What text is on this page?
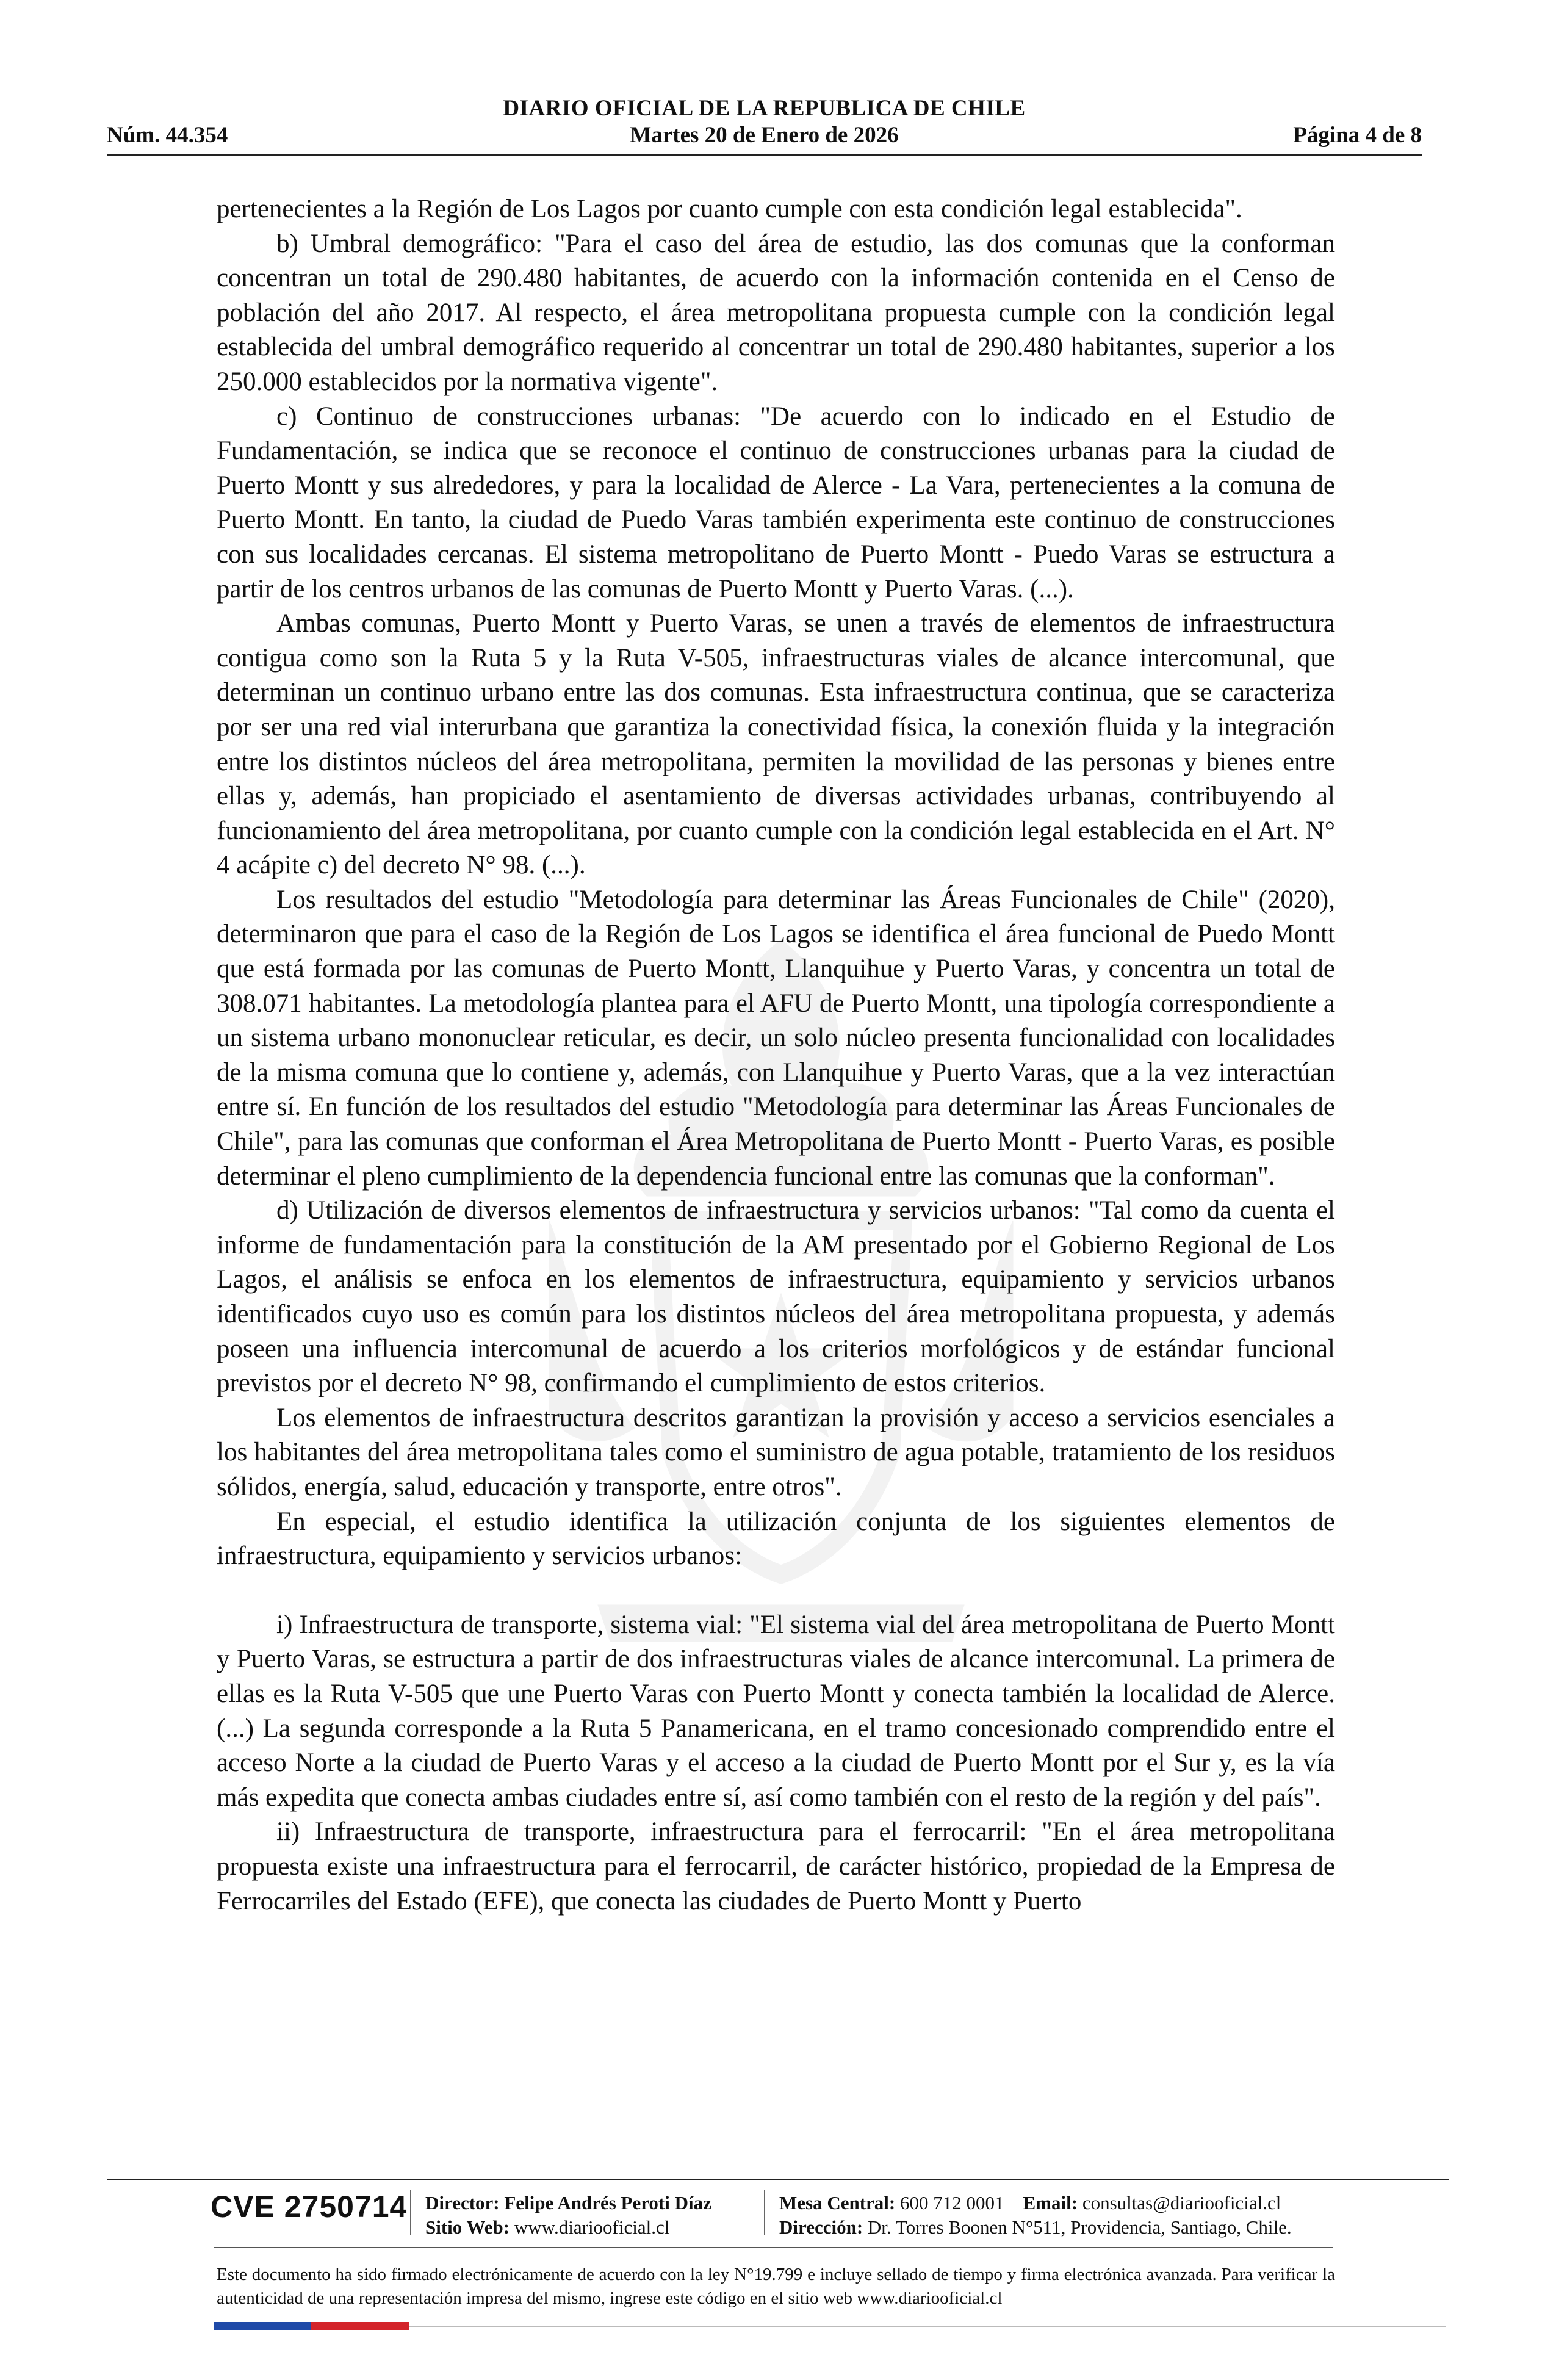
DIARIO OFICIAL DE LA REPUBLICA DE CHILE
Núm. 44.354	Martes 20 de Enero de 2026	Página 4 de 8

pertenecientes a la Región de Los Lagos por cuanto cumple con esta condición legal establecida".

b) Umbral demográfico: "Para el caso del área de estudio, las dos comunas que la conforman concentran un total de 290.480 habitantes, de acuerdo con la información contenida en el Censo de población del año 2017. Al respecto, el área metropolitana propuesta cumple con la condición legal establecida del umbral demográfico requerido al concentrar un total de 290.480 habitantes, superior a los 250.000 establecidos por la normativa vigente".

c) Continuo de construcciones urbanas: "De acuerdo con lo indicado en el Estudio de Fundamentación, se indica que se reconoce el continuo de construcciones urbanas para la ciudad de Puerto Montt y sus alrededores, y para la localidad de Alerce - La Vara, pertenecientes a la comuna de Puerto Montt. En tanto, la ciudad de Puedo Varas también experimenta este continuo de construcciones con sus localidades cercanas. El sistema metropolitano de Puerto Montt - Puedo Varas se estructura a partir de los centros urbanos de las comunas de Puerto Montt y Puerto Varas. (...).

Ambas comunas, Puerto Montt y Puerto Varas, se unen a través de elementos de infraestructura contigua como son la Ruta 5 y la Ruta V-505, infraestructuras viales de alcance intercomunal, que determinan un continuo urbano entre las dos comunas. Esta infraestructura continua, que se caracteriza por ser una red vial interurbana que garantiza la conectividad física, la conexión fluida y la integración entre los distintos núcleos del área metropolitana, permiten la movilidad de las personas y bienes entre ellas y, además, han propiciado el asentamiento de diversas actividades urbanas, contribuyendo al funcionamiento del área metropolitana, por cuanto cumple con la condición legal establecida en el Art. N° 4 acápite c) del decreto N° 98. (...).

Los resultados del estudio "Metodología para determinar las Áreas Funcionales de Chile" (2020), determinaron que para el caso de la Región de Los Lagos se identifica el área funcional de Puedo Montt que está formada por las comunas de Puerto Montt, Llanquihue y Puerto Varas, y concentra un total de 308.071 habitantes. La metodología plantea para el AFU de Puerto Montt, una tipología correspondiente a un sistema urbano mononuclear reticular, es decir, un solo núcleo presenta funcionalidad con localidades de la misma comuna que lo contiene y, además, con Llanquihue y Puerto Varas, que a la vez interactúan entre sí. En función de los resultados del estudio "Metodología para determinar las Áreas Funcionales de Chile", para las comunas que conforman el Área Metropolitana de Puerto Montt - Puerto Varas, es posible determinar el pleno cumplimiento de la dependencia funcional entre las comunas que la conforman".

d) Utilización de diversos elementos de infraestructura y servicios urbanos: "Tal como da cuenta el informe de fundamentación para la constitución de la AM presentado por el Gobierno Regional de Los Lagos, el análisis se enfoca en los elementos de infraestructura, equipamiento y servicios urbanos identificados cuyo uso es común para los distintos núcleos del área metropolitana propuesta, y además poseen una influencia intercomunal de acuerdo a los criterios morfológicos y de estándar funcional previstos por el decreto N° 98, confirmando el cumplimiento de estos criterios.

Los elementos de infraestructura descritos garantizan la provisión y acceso a servicios esenciales a los habitantes del área metropolitana tales como el suministro de agua potable, tratamiento de los residuos sólidos, energía, salud, educación y transporte, entre otros".

En especial, el estudio identifica la utilización conjunta de los siguientes elementos de infraestructura, equipamiento y servicios urbanos:

i) Infraestructura de transporte, sistema vial: "El sistema vial del área metropolitana de Puerto Montt y Puerto Varas, se estructura a partir de dos infraestructuras viales de alcance intercomunal. La primera de ellas es la Ruta V-505 que une Puerto Varas con Puerto Montt y conecta también la localidad de Alerce. (...) La segunda corresponde a la Ruta 5 Panamericana, en el tramo concesionado comprendido entre el acceso Norte a la ciudad de Puerto Varas y el acceso a la ciudad de Puerto Montt por el Sur y, es la vía más expedita que conecta ambas ciudades entre sí, así como también con el resto de la región y del país".

ii) Infraestructura de transporte, infraestructura para el ferrocarril: "En el área metropolitana propuesta existe una infraestructura para el ferrocarril, de carácter histórico, propiedad de la Empresa de Ferrocarriles del Estado (EFE), que conecta las ciudades de Puerto Montt y Puerto

CVE 2750714 Director: Felipe Andrés Peroti Díaz
Sitio Web: www.diariooficial.cl
Mesa Central: 600 712 0001 Email: consultas@diariooficial.cl
Dirección: Dr. Torres Boonen N°511, Providencia, Santiago, Chile.
Este documento ha sido firmado electrónicamente de acuerdo con la ley N°19.799 e incluye sellado de tiempo y firma electrónica avanzada. Para verificar la autenticidad de una representación impresa del mismo, ingrese este código en el sitio web www.diariooficial.cl
